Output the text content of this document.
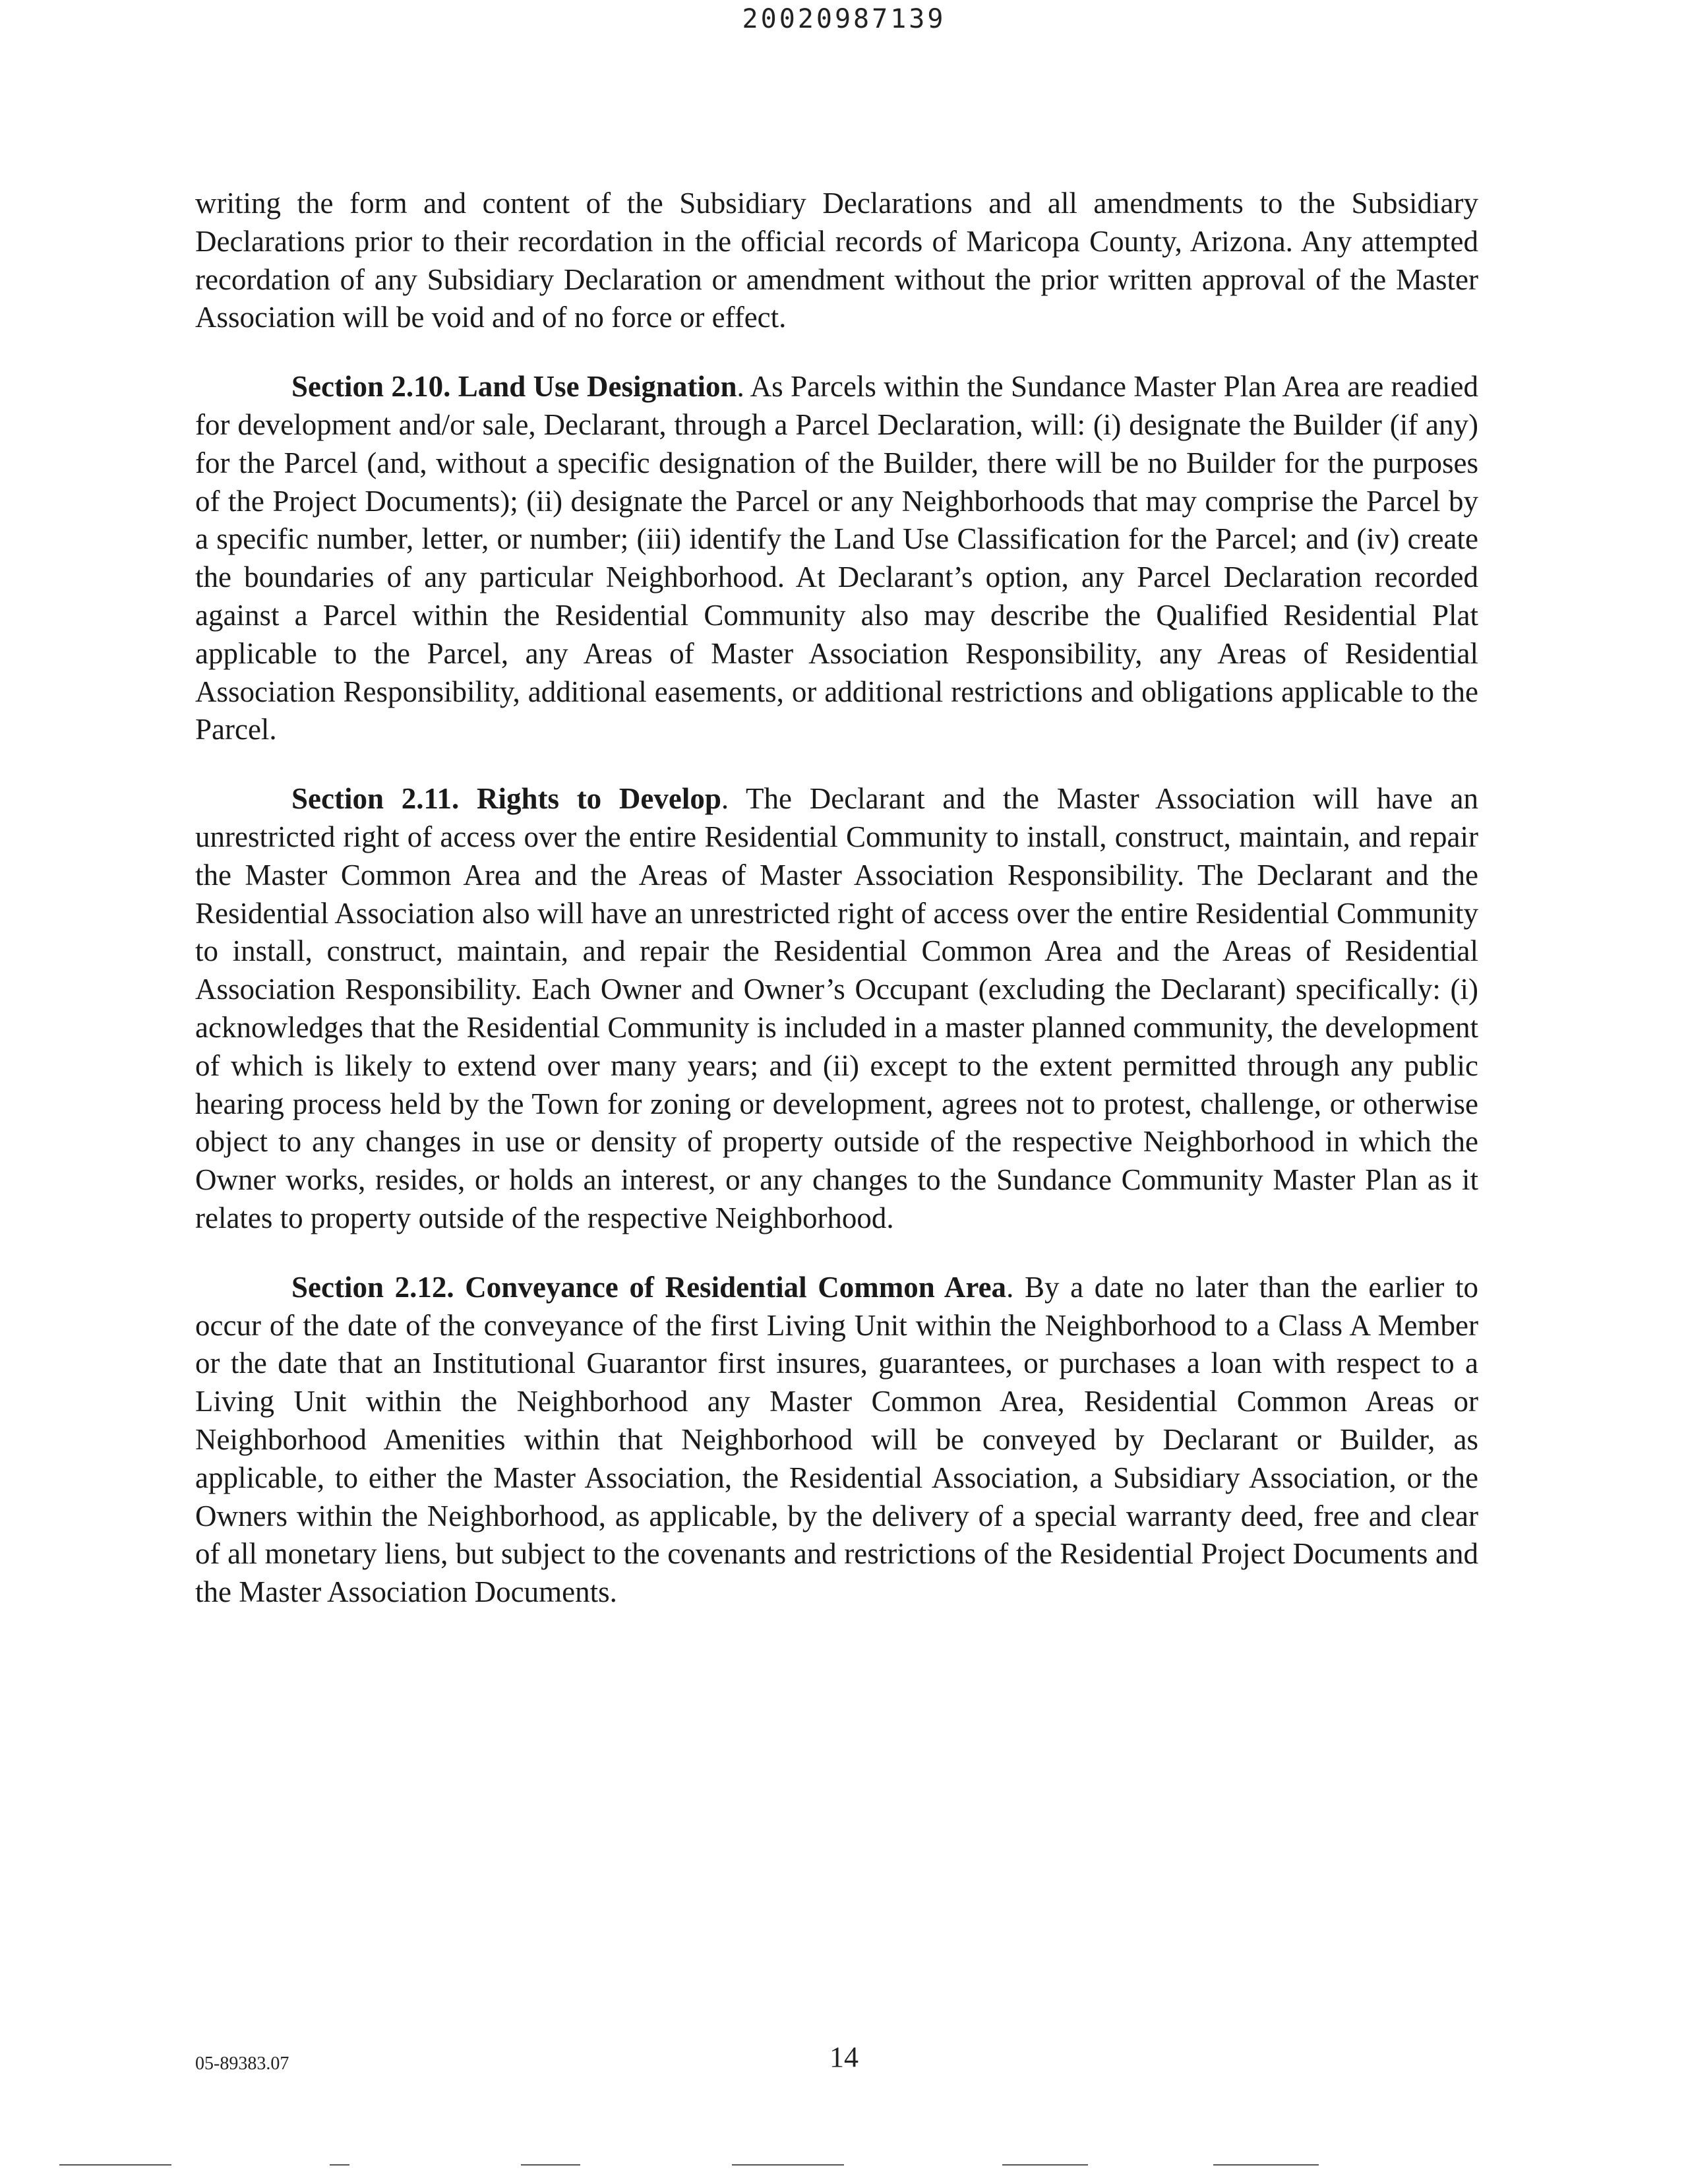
20020987139

writing the form and content of the Subsidiary Declarations and all amendments to the Subsidiary Declarations prior to their recordation in the official records of Maricopa County, Arizona. Any attempted recordation of any Subsidiary Declaration or amendment without the prior written approval of the Master Association will be void and of no force or effect.

Section 2.10. Land Use Designation. As Parcels within the Sundance Master Plan Area are readied for development and/or sale, Declarant, through a Parcel Declaration, will: (i) designate the Builder (if any) for the Parcel (and, without a specific designation of the Builder, there will be no Builder for the purposes of the Project Documents); (ii) designate the Parcel or any Neighborhoods that may comprise the Parcel by a specific number, letter, or number; (iii) identify the Land Use Classification for the Parcel; and (iv) create the boundaries of any particular Neighborhood. At Declarant’s option, any Parcel Declaration recorded against a Parcel within the Residential Community also may describe the Qualified Residential Plat applicable to the Parcel, any Areas of Master Association Responsibility, any Areas of Residential Association Responsibility, additional easements, or additional restrictions and obligations applicable to the Parcel.

Section 2.11. Rights to Develop. The Declarant and the Master Association will have an unrestricted right of access over the entire Residential Community to install, construct, maintain, and repair the Master Common Area and the Areas of Master Association Responsibility. The Declarant and the Residential Association also will have an unrestricted right of access over the entire Residential Community to install, construct, maintain, and repair the Residential Common Area and the Areas of Residential Association Responsibility. Each Owner and Owner’s Occupant (excluding the Declarant) specifically: (i) acknowledges that the Residential Community is included in a master planned community, the development of which is likely to extend over many years; and (ii) except to the extent permitted through any public hearing process held by the Town for zoning or development, agrees not to protest, challenge, or otherwise object to any changes in use or density of property outside of the respective Neighborhood in which the Owner works, resides, or holds an interest, or any changes to the Sundance Community Master Plan as it relates to property outside of the respective Neighborhood.

Section 2.12. Conveyance of Residential Common Area. By a date no later than the earlier to occur of the date of the conveyance of the first Living Unit within the Neighborhood to a Class A Member or the date that an Institutional Guarantor first insures, guarantees, or purchases a loan with respect to a Living Unit within the Neighborhood any Master Common Area, Residential Common Areas or Neighborhood Amenities within that Neighborhood will be conveyed by Declarant or Builder, as applicable, to either the Master Association, the Residential Association, a Subsidiary Association, or the Owners within the Neighborhood, as applicable, by the delivery of a special warranty deed, free and clear of all monetary liens, but subject to the covenants and restrictions of the Residential Project Documents and the Master Association Documents.

05-89383.07	14
